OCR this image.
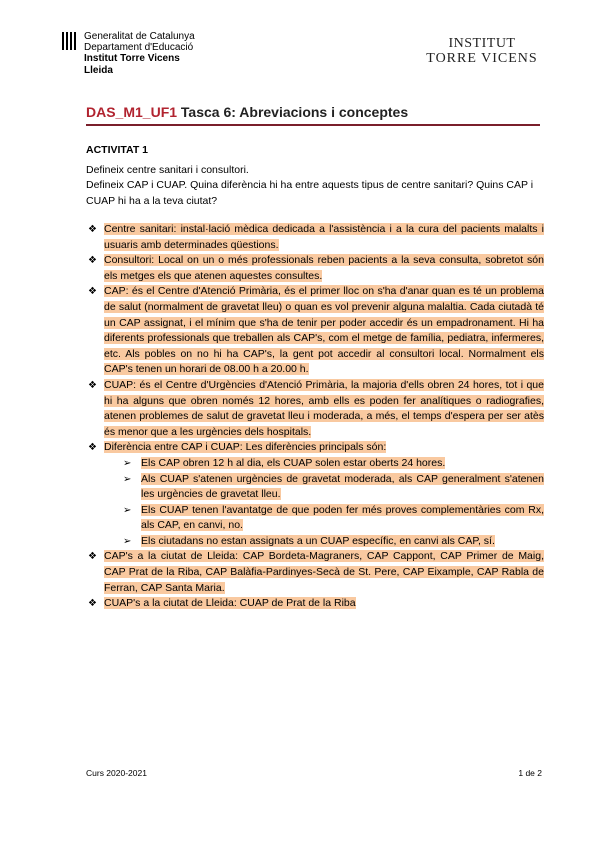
Generalitat de Catalunya
Departament d'Educació
Institut Torre Vicens
Lleida
INSTITUT
TORRE VICENS
DAS_M1_UF1 Tasca 6: Abreviacions i conceptes
ACTIVITAT 1
Defineix centre sanitari i consultori.
Defineix CAP i CUAP. Quina diferència hi ha entre aquests tipus de centre sanitari? Quins CAP i CUAP hi ha a la teva ciutat?
❖ Centre sanitari: instal·lació mèdica dedicada a l'assistència i a la cura del pacients malalts i usuaris amb determinades qüestions.
❖ Consultori: Local on un o més professionals reben pacients a la seva consulta, sobretot són els metges els que atenen aquestes consultes.
❖ CAP: és el Centre d'Atenció Primària, és el primer lloc on s'ha d'anar quan es té un problema de salut (normalment de gravetat lleu) o quan es vol prevenir alguna malaltia. Cada ciutadà té un CAP assignat, i el mínim que s'ha de tenir per poder accedir és un empadronament. Hi ha diferents professionals que treballen als CAP's, com el metge de família, pediatra, infermeres, etc. Als pobles on no hi ha CAP's, la gent pot accedir al consultori local. Normalment els CAP's tenen un horari de 08.00 h a 20.00 h.
❖ CUAP: és el Centre d'Urgències d'Atenció Primària, la majoria d'ells obren 24 hores, tot i que hi ha alguns que obren només 12 hores, amb ells es poden fer analítiques o radiografies, atenen problemes de salut de gravetat lleu i moderada, a més, el temps d'espera per ser atès és menor que a les urgències dels hospitals.
❖ Diferència entre CAP i CUAP: Les diferències principals són:
➢ Els CAP obren 12 h al dia, els CUAP solen estar oberts 24 hores.
➢ Als CUAP s'atenen urgències de gravetat moderada, als CAP generalment s'atenen les urgències de gravetat lleu.
➢ Els CUAP tenen l'avantatge de que poden fer més proves complementàries com Rx, als CAP, en canvi, no.
➢ Els ciutadans no estan assignats a un CUAP específic, en canvi als CAP, sí.
❖ CAP's a la ciutat de Lleida: CAP Bordeta-Magraners, CAP Cappont, CAP Primer de Maig, CAP Prat de la Riba, CAP Balàfia-Pardinyes-Secà de St. Pere, CAP Eixample, CAP Rabla de Ferran, CAP Santa Maria.
❖ CUAP's a la ciutat de Lleida: CUAP de Prat de la Riba
Curs 2020-2021	1 de 2
